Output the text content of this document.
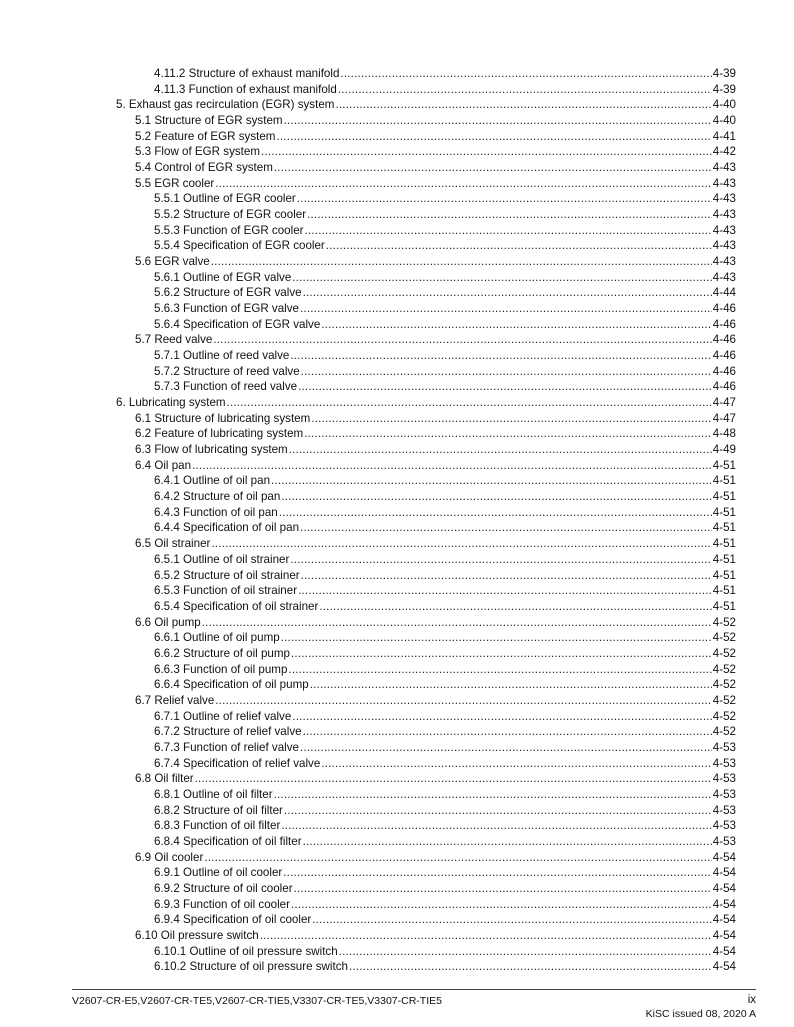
4.11.2 Structure of exhaust manifold .....	4-39
4.11.3 Function of exhaust manifold .....	4-39
5. Exhaust gas recirculation (EGR) system .....	4-40
5.1 Structure of EGR system .....	4-40
5.2 Feature of EGR system .....	4-41
5.3 Flow of EGR system .....	4-42
5.4 Control of EGR system .....	4-43
5.5 EGR cooler .....	4-43
5.5.1 Outline of EGR cooler .....	4-43
5.5.2 Structure of EGR cooler .....	4-43
5.5.3 Function of EGR cooler .....	4-43
5.5.4 Specification of EGR cooler .....	4-43
5.6 EGR valve .....	4-43
5.6.1 Outline of EGR valve .....	4-43
5.6.2 Structure of EGR valve .....	4-44
5.6.3 Function of EGR valve .....	4-46
5.6.4 Specification of EGR valve .....	4-46
5.7 Reed valve .....	4-46
5.7.1 Outline of reed valve .....	4-46
5.7.2 Structure of reed valve .....	4-46
5.7.3 Function of reed valve .....	4-46
6. Lubricating system .....	4-47
6.1 Structure of lubricating system .....	4-47
6.2 Feature of lubricating system .....	4-48
6.3 Flow of lubricating system .....	4-49
6.4 Oil pan .....	4-51
6.4.1 Outline of oil pan .....	4-51
6.4.2 Structure of oil pan .....	4-51
6.4.3 Function of oil pan .....	4-51
6.4.4 Specification of oil pan .....	4-51
6.5 Oil strainer .....	4-51
6.5.1 Outline of oil strainer .....	4-51
6.5.2 Structure of oil strainer .....	4-51
6.5.3 Function of oil strainer .....	4-51
6.5.4 Specification of oil strainer .....	4-51
6.6 Oil pump .....	4-52
6.6.1 Outline of oil pump .....	4-52
6.6.2 Structure of oil pump .....	4-52
6.6.3 Function of oil pump .....	4-52
6.6.4 Specification of oil pump .....	4-52
6.7 Relief valve .....	4-52
6.7.1 Outline of relief valve .....	4-52
6.7.2 Structure of relief valve .....	4-52
6.7.3 Function of relief valve .....	4-53
6.7.4 Specification of relief valve .....	4-53
6.8 Oil filter .....	4-53
6.8.1 Outline of oil filter .....	4-53
6.8.2 Structure of oil filter .....	4-53
6.8.3 Function of oil filter .....	4-53
6.8.4 Specification of oil filter .....	4-53
6.9 Oil cooler .....	4-54
6.9.1 Outline of oil cooler .....	4-54
6.9.2 Structure of oil cooler .....	4-54
6.9.3 Function of oil cooler .....	4-54
6.9.4 Specification of oil cooler .....	4-54
6.10 Oil pressure switch .....	4-54
6.10.1 Outline of oil pressure switch .....	4-54
6.10.2 Structure of oil pressure switch .....	4-54
V2607-CR-E5,V2607-CR-TE5,V2607-CR-TIE5,V3307-CR-TE5,V3307-CR-TIE5	ix
KiSC issued 08, 2020 A
